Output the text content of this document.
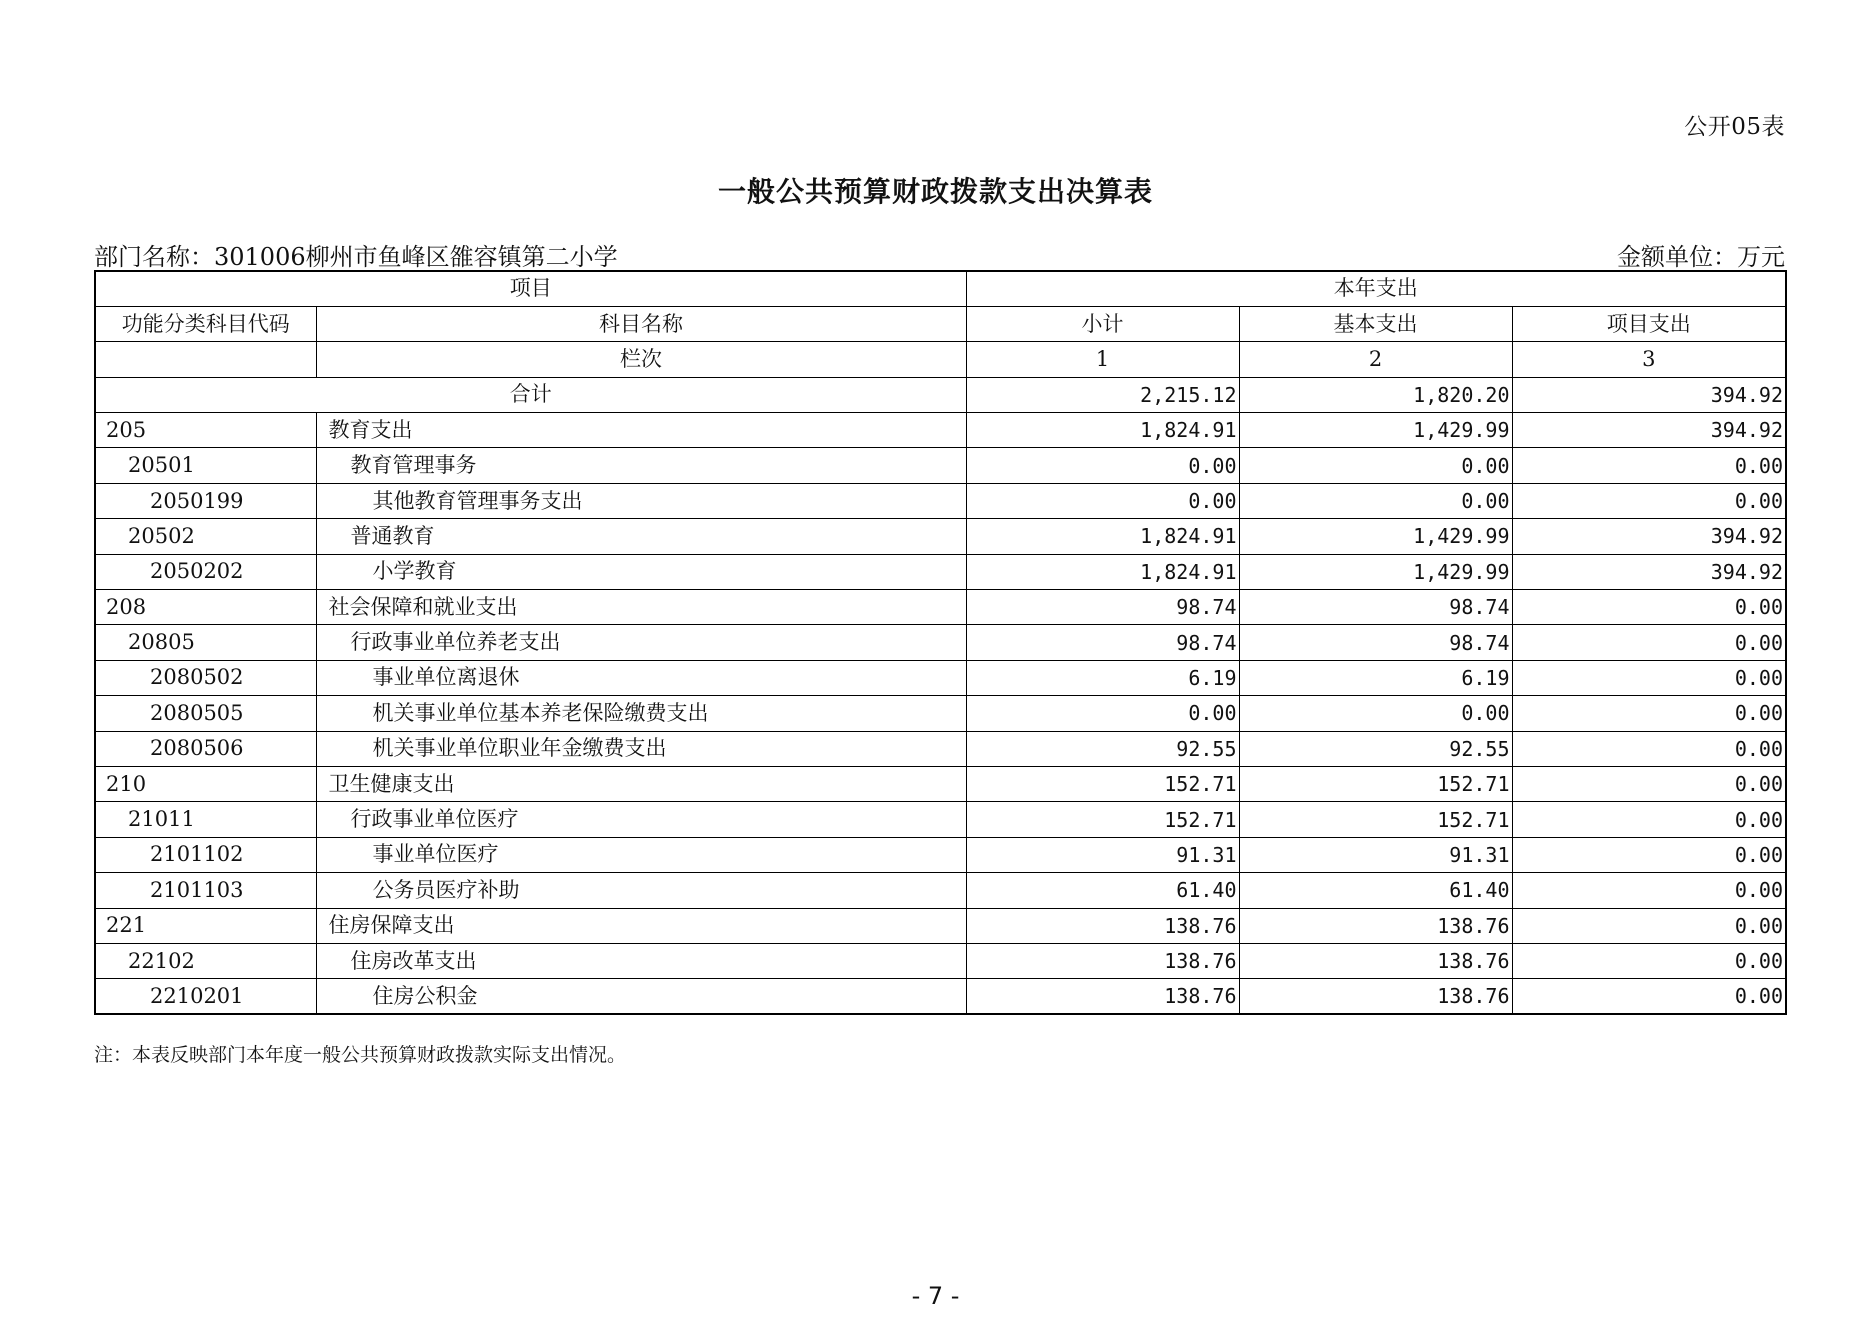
公开05表
一般公共预算财政拨款支出决算表
部门名称：301006柳州市鱼峰区雒容镇第二小学	金额单位：万元
项目		本年支出		
功能分类科目代码	科目名称	小计	基本支出	项目支出
	栏次	1	2	3
合计		2,215.12	1,820.20	394.92
205	教育支出	1,824.91	1,429.99	394.92
20501	教育管理事务	0.00	0.00	0.00
2050199	其他教育管理事务支出	0.00	0.00	0.00
20502	普通教育	1,824.91	1,429.99	394.92
2050202	小学教育	1,824.91	1,429.99	394.92
208	社会保障和就业支出	98.74	98.74	0.00
20805	行政事业单位养老支出	98.74	98.74	0.00
2080502	事业单位离退休	6.19	6.19	0.00
2080505	机关事业单位基本养老保险缴费支出	0.00	0.00	0.00
2080506	机关事业单位职业年金缴费支出	92.55	92.55	0.00
210	卫生健康支出	152.71	152.71	0.00
21011	行政事业单位医疗	152.71	152.71	0.00
2101102	事业单位医疗	91.31	91.31	0.00
2101103	公务员医疗补助	61.40	61.40	0.00
221	住房保障支出	138.76	138.76	0.00
22102	住房改革支出	138.76	138.76	0.00
2210201	住房公积金	138.76	138.76	0.00
注：本表反映部门本年度一般公共预算财政拨款实际支出情况。
- 7 -
